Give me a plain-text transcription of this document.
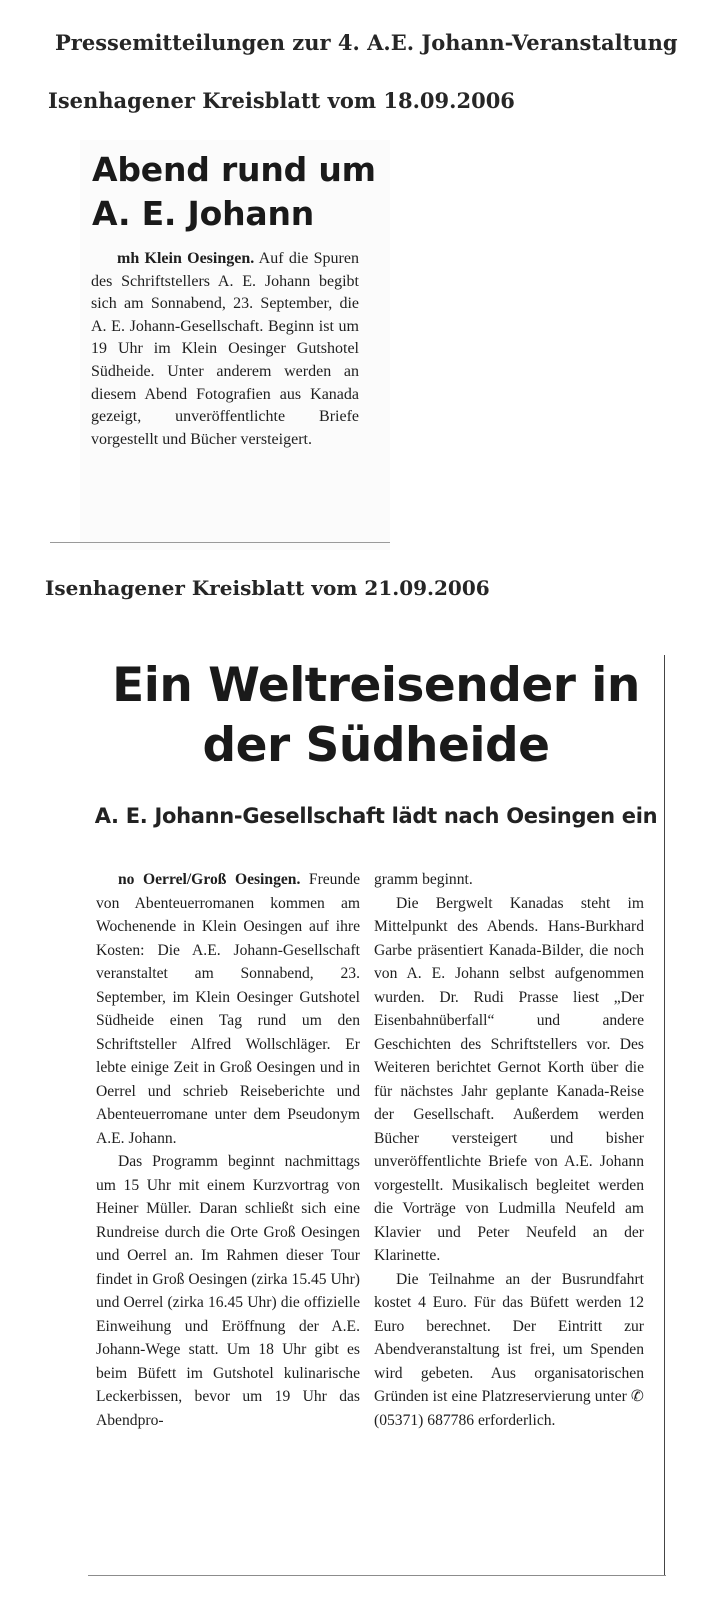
Pressemitteilungen zur 4. A.E. Johann-Veranstaltung
Isenhagener Kreisblatt vom 18.09.2006
Abend rund um A. E. Johann

mh Klein Oesingen. Auf die Spuren des Schriftstellers A. E. Johann begibt sich am Sonnabend, 23. September, die A. E. Johann-Gesellschaft. Beginn ist um 19 Uhr im Klein Oesinger Gutshotel Südheide. Unter anderem werden an diesem Abend Fotografien aus Kanada gezeigt, unveröffentlichte Briefe vorgestellt und Bücher versteigert.

Isenhagener Kreisblatt vom 21.09.2006
Ein Weltreisender in der Südheide
A. E. Johann-Gesellschaft lädt nach Oesingen ein

no Oerrel/Groß Oesingen. Freunde von Abenteuerromanen kommen am Wochenende in Klein Oesingen auf ihre Kosten: Die A.E. Johann-Gesellschaft veranstaltet am Sonnabend, 23. September, im Klein Oesinger Gutshotel Südheide einen Tag rund um den Schriftsteller Alfred Wollschläger. Er lebte einige Zeit in Groß Oesingen und in Oerrel und schrieb Reiseberichte und Abenteuerromane unter dem Pseudonym A.E. Johann.

Das Programm beginnt nachmittags um 15 Uhr mit einem Kurzvortrag von Heiner Müller. Daran schließt sich eine Rundreise durch die Orte Groß Oesingen und Oerrel an. Im Rahmen dieser Tour findet in Groß Oesingen (zirka 15.45 Uhr) und Oerrel (zirka 16.45 Uhr) die offizielle Einweihung und Eröffnung der A.E. Johann-Wege statt. Um 18 Uhr gibt es beim Büfett im Gutshotel kulinarische Leckerbissen, bevor um 19 Uhr das Abendpro-

gramm beginnt.

Die Bergwelt Kanadas steht im Mittelpunkt des Abends. Hans-Burkhard Garbe präsentiert Kanada-Bilder, die noch von A. E. Johann selbst aufgenommen wurden. Dr. Rudi Prasse liest „Der Eisenbahnüberfall“ und andere Geschichten des Schriftstellers vor. Des Weiteren berichtet Gernot Korth über die für nächstes Jahr geplante Kanada-Reise der Gesellschaft. Außerdem werden Bücher versteigert und bisher unveröffentlichte Briefe von A.E. Johann vorgestellt. Musikalisch begleitet werden die Vorträge von Ludmilla Neufeld am Klavier und Peter Neufeld an der Klarinette.

Die Teilnahme an der Busrundfahrt kostet 4 Euro. Für das Büfett werden 12 Euro berechnet. Der Eintritt zur Abendveranstaltung ist frei, um Spenden wird gebeten. Aus organisatorischen Gründen ist eine Platzreservierung unter ✆ (05371) 687786 erforderlich.
